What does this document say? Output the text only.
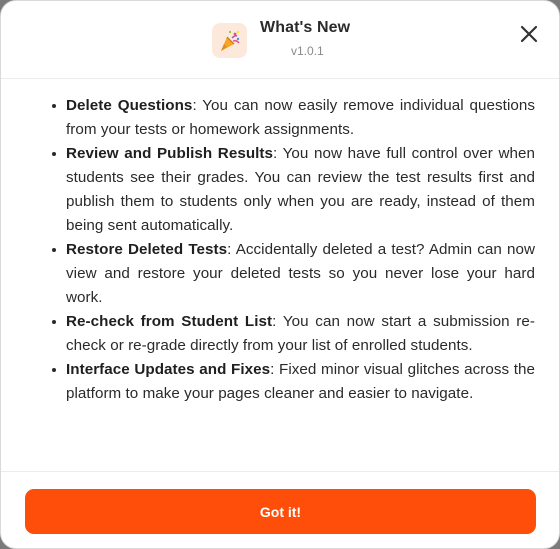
What's New
v1.0.1
Delete Questions: You can now easily remove individual questions from your tests or homework assignments.
Review and Publish Results: You now have full control over when students see their grades. You can review the test results first and publish them to students only when you are ready, instead of them being sent automatically.
Restore Deleted Tests: Accidentally deleted a test? Admin can now view and restore your deleted tests so you never lose your hard work.
Re-check from Student List: You can now start a submission re-check or re-grade directly from your list of enrolled students.
Interface Updates and Fixes: Fixed minor visual glitches across the platform to make your pages cleaner and easier to navigate.
Got it!
